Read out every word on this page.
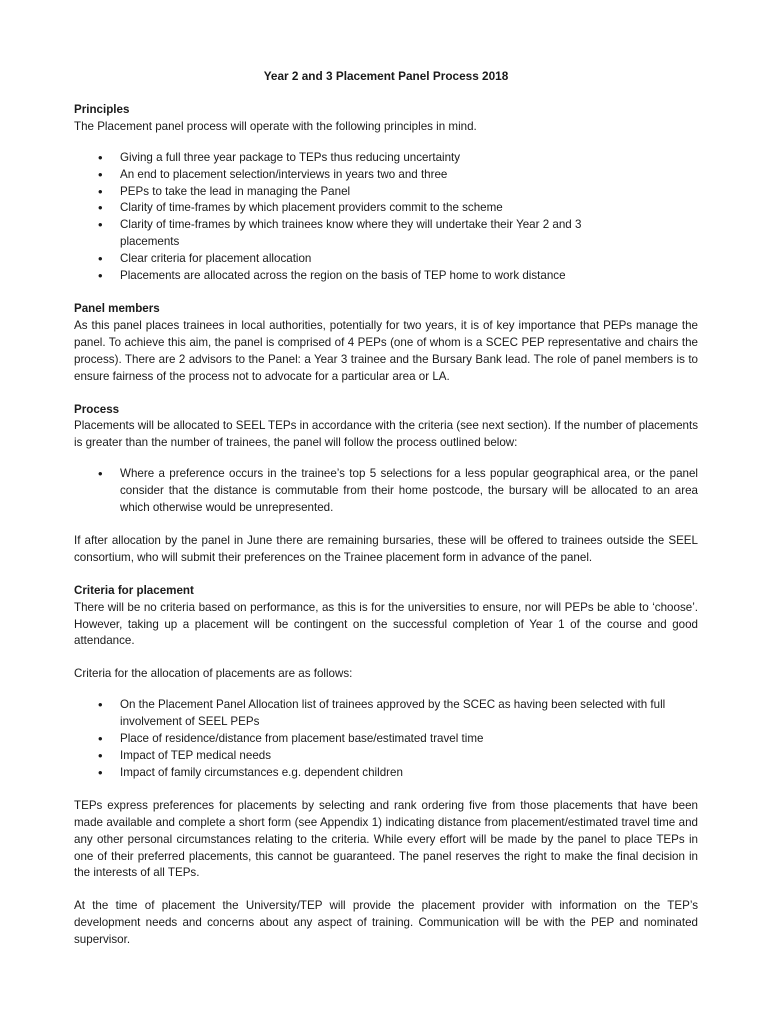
Year 2 and 3 Placement Panel Process 2018

Principles

The Placement panel process will operate with the following principles in mind.

• Giving a full three year package to TEPs thus reducing uncertainty
• An end to placement selection/interviews in years two and three
• PEPs to take the lead in managing the Panel
• Clarity of time-frames by which placement providers commit to the scheme
• Clarity of time-frames by which trainees know where they will undertake their Year 2 and 3 placements
• Clear criteria for placement allocation
• Placements are allocated across the region on the basis of TEP home to work distance

Panel members

As this panel places trainees in local authorities, potentially for two years, it is of key importance that PEPs manage the panel. To achieve this aim, the panel is comprised of 4 PEPs (one of whom is a SCEC PEP representative and chairs the process). There are 2 advisors to the Panel: a Year 3 trainee and the Bursary Bank lead. The role of panel members is to ensure fairness of the process not to advocate for a particular area or LA.

Process

Placements will be allocated to SEEL TEPs in accordance with the criteria (see next section). If the number of placements is greater than the number of trainees, the panel will follow the process outlined below:

• Where a preference occurs in the trainee’s top 5 selections for a less popular geographical area, or the panel consider that the distance is commutable from their home postcode, the bursary will be allocated to an area which otherwise would be unrepresented.

If after allocation by the panel in June there are remaining bursaries, these will be offered to trainees outside the SEEL consortium, who will submit their preferences on the Trainee placement form in advance of the panel.

Criteria for placement

There will be no criteria based on performance, as this is for the universities to ensure, nor will PEPs be able to ‘choose’. However, taking up a placement will be contingent on the successful completion of Year 1 of the course and good attendance.

Criteria for the allocation of placements are as follows:

• On the Placement Panel Allocation list of trainees approved by the SCEC as having been selected with full involvement of SEEL PEPs
• Place of residence/distance from placement base/estimated travel time
• Impact of TEP medical needs
• Impact of family circumstances e.g. dependent children

TEPs express preferences for placements by selecting and rank ordering five from those placements that have been made available and complete a short form (see Appendix 1) indicating distance from placement/estimated travel time and any other personal circumstances relating to the criteria. While every effort will be made by the panel to place TEPs in one of their preferred placements, this cannot be guaranteed. The panel reserves the right to make the final decision in the interests of all TEPs.

At the time of placement the University/TEP will provide the placement provider with information on the TEP’s development needs and concerns about any aspect of training. Communication will be with the PEP and nominated supervisor.
